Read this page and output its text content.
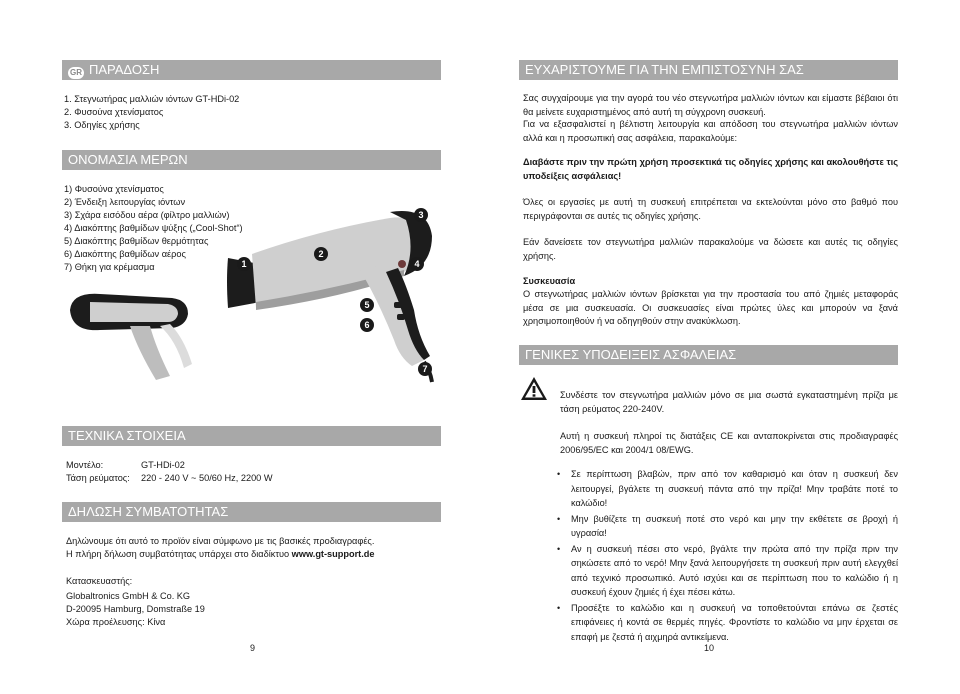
GR ΠΑΡΑΔΟΣΗ
1. Στεγνωτήρας μαλλιών ιόντων GT-HDi-02
2. Φυσούνα χτενίσματος
3. Οδηγίες χρήσης
ΟΝΟΜΑΣΙΑ ΜΕΡΩΝ
1) Φυσούνα χτενίσματος
2) Ένδειξη λειτουργίας ιόντων
3) Σχάρα εισόδου αέρα (φίλτρο μαλλιών)
4) Διακόπτης βαθμίδων ψύξης („Cool-Shot“)
5) Διακόπτης βαθμίδων θερμότητας
6) Διακόπτης βαθμίδων αέρος
7) Θήκη για κρέμασμα	1
2
3
4
5
6
7
ΤΕΧΝΙΚΑ ΣΤΟΙΧΕΙΑ
Μοντέλο:	GT-HDi-02
Τάση ρεύματος:	220 - 240 V ~ 50/60 Hz, 2200 W
ΔΗΛΩΣΗ ΣΥΜΒΑΤΟΤΗΤΑΣ
Δηλώνουμε ότι αυτό το προϊόν είναι σύμφωνο με τις βασικές προδιαγραφές.
Η πλήρη δήλωση συμβατότητας υπάρχει στο διαδίκτυο www.gt-support.de
Κατασκευαστής:
Globaltronics GmbH & Co. KG
D-20095 Hamburg, Domstraße 19
Χώρα προέλευσης: Κίνα
9
ΕΥΧΑΡΙΣΤΟΥΜΕ ΓΙΑ ΤΗΝ ΕΜΠΙΣΤΟΣΥΝΗ ΣΑΣ
Σας συγχαίρουμε για την αγορά του νέο στεγνωτήρα μαλλιών ιόντων και είμαστε βέβαιοι ότι θα μείνετε ευχαριστημένος από αυτή τη σύγχρονη συσκευή.
Για να εξασφαλιστεί η βέλτιστη λειτουργία και απόδοση του στεγνωτήρα μαλλιών ιόντων αλλά και η προσωπική σας ασφάλεια, παρακαλούμε:
Διαβάστε πριν την πρώτη χρήση προσεκτικά τις οδηγίες χρήσης και ακολουθήστε τις υποδείξεις ασφάλειας!
Όλες οι εργασίες με αυτή τη συσκευή επιτρέπεται να εκτελούνται μόνο στο βαθμό που περιγράφονται σε αυτές τις οδηγίες χρήσης.
Εάν δανείσετε τον στεγνωτήρα μαλλιών παρακαλούμε να δώσετε και αυτές τις οδηγίες χρήσης.
Συσκευασία
Ο στεγνωτήρας μαλλιών ιόντων βρίσκεται για την προστασία του από ζημιές μεταφοράς μέσα σε μια συσκευασία. Οι συσκευασίες είναι πρώτες ύλες και μπορούν να ξανά χρησιμοποιηθούν ή να οδηγηθούν στην ανακύκλωση.
ΓΕΝΙΚΕΣ ΥΠΟΔΕΙΞΕΙΣ ΑΣΦΑΛΕΙΑΣ
Συνδέστε τον στεγνωτήρα μαλλιών μόνο σε μια σωστά εγκαταστημένη πρίζα με τάση ρεύματος 220-240V.
Αυτή η συσκευή πληροί τις διατάξεις CE και ανταποκρίνεται στις προδιαγραφές 2006/95/EC και 2004/1 08/EWG.
• Σε περίπτωση βλαβών, πριν από τον καθαρισμό και όταν η συσκευή δεν λειτουργεί, βγάλετε τη συσκευή πάντα από την πρίζα! Μην τραβάτε ποτέ το καλώδιο!
• Μην βυθίζετε τη συσκευή ποτέ στο νερό και μην την εκθέτετε σε βροχή ή υγρασία!
• Αν η συσκευή πέσει στο νερό, βγάλτε την πρώτα από την πρίζα πριν την σηκώσετε από το νερό! Μην ξανά λειτουργήσετε τη συσκευή πριν αυτή ελεγχθεί από τεχνικό προσωπικό. Αυτό ισχύει και σε περίπτωση που το καλώδιο ή η συσκευή έχουν ζημιές ή έχει πέσει κάτω.
• Προσέξτε το καλώδιο και η συσκευή να τοποθετούνται επάνω σε ζεστές επιφάνειες ή κοντά σε θερμές πηγές. Φροντίστε το καλώδιο να μην έρχεται σε επαφή με ζεστά ή αιχμηρά αντικείμενα.
10
